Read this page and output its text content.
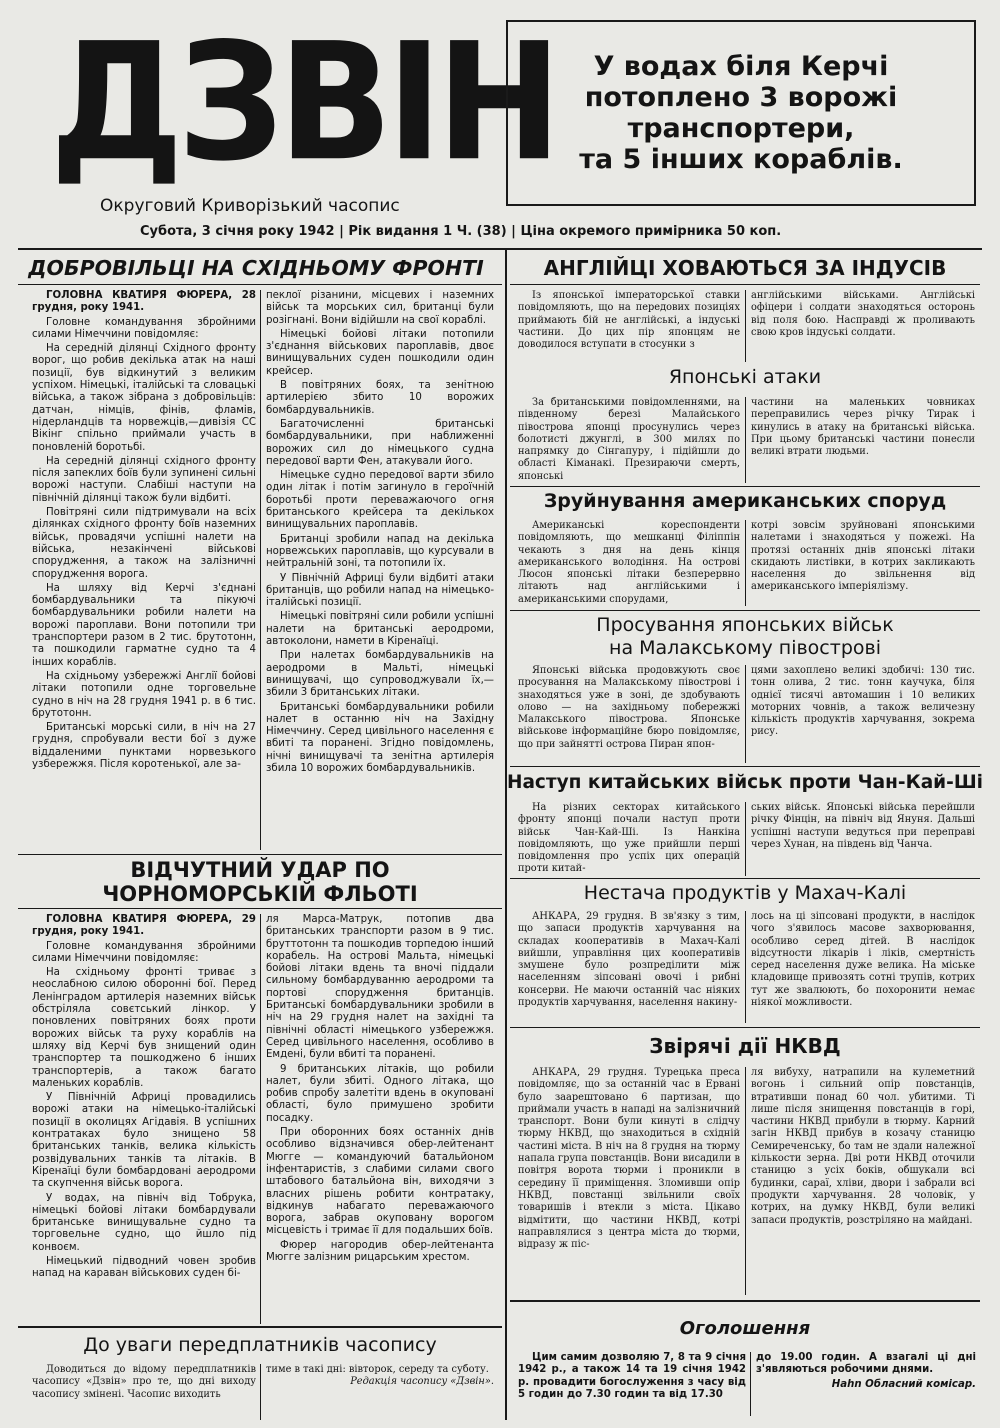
ДЗВІН
Округовий Криворізький часопис
У водах біля Керчі
потоплено 3 ворожі
транспортери,
та 5 інших кораблів.
Субота, 3 січня року 1942 | Рік видання 1 Ч. (38) | Ціна окремого примірника 50 коп.
ДОБРОВІЛЬЦІ НА СХІДНЬОМУ ФРОНТІ

ГОЛОВНА КВАТИРЯ ФЮРЕРА, 28 грудня, року 1941.

Головне командування збройними силами Німеччини повідомляє:

На середній ділянці Східного фронту ворог, що робив декілька атак на наші позиції, був відкинутий з великим успіхом. Німецькі, італійські та словацькі війська, а також зібрана з добровільців: датчан, німців, фінів, фламів, нідерландців та норвежців,—дивізія СС Вікінг спільно приймали участь в поновленій боротьбі.

На середній ділянці східного фронту після запеклих боїв були зупинені сильні ворожі наступи. Слабіші наступи на північній ділянці також були відбиті.

Повітряні сили підтримували на всіх ділянках східного фронту боїв наземних військ, провадячи успішні налети на війська, незакінчені військові спорудження, а також на залізничні спорудження ворога.

На шляху від Керчі з'єднані бомбардувальники та пікуючі бомбардувальники робили налети на ворожі пароплави. Вони потопили три транспортери разом в 2 тис. брутотонн, та пошкодили гарматне судно та 4 інших кораблів.

На східньому узбережжі Англії бойові літаки потопили одне торговельне судно в ніч на 28 грудня 1941 р. в 6 тис. брутотонн.

Британські морські сили, в ніч на 27 грудня, спробували вести бої з дуже віддаленими пунктами норвезького узбережжя. Після коротенької, але за-

пеклої різанини, місцевих і наземних військ та морських сил, британці були розігнані. Вони відійшли на свої кораблі.

Німецькі бойові літаки потопили з'єднання військових пароплавів, двоє винищувальних суден пошкодили один крейсер.

В повітряних боях, та зенітною артилерією збито 10 ворожих бомбардувальників.

Багаточисленні британські бомбардувальники, при наближенні ворожих сил до німецького судна передової варти Фен, атакували його.

Німецьке судно передової варти збило один літак і потім загинуло в героїчній боротьбі проти переважаючого огня британського крейсера та декількох винищувальних пароплавів.

Британці зробили напад на декілька норвежських пароплавів, що курсували в нейтральній зоні, та потопили їх.

У Північній Африці були відбиті атаки британців, що робили напад на німецько-італійські позиції.

Німецькі повітряні сили робили успішні налети на британські аеродроми, автоколони, намети в Кіренаїці.

При налетах бомбардувальників на аеродроми в Мальті, німецькі винищувачі, що супроводжували їх,—збили 3 британських літаки.

Британські бомбардувальники робили налет в останню ніч на Західну Німеччину. Серед цивільного населення є вбиті та поранені. Згідно повідомлень, нічні винищувачі та зенітна артилерія збила 10 ворожих бомбардувальників.

ВІДЧУТНИЙ УДАР ПО ЧОРНОМОРСЬКІЙ ФЛЬОТІ

ГОЛОВНА КВАТИРЯ ФЮРЕРА, 29 грудня, року 1941.

Головне командування збройними силами Німеччини повідомляє:

На східньому фронті триває з неослабною силою оборонні бої. Перед Ленінградом артилерія наземних військ обстріляла совєтський лінкор. У поновлених повітряних боях проти ворожих військ та руху кораблів на шляху від Керчі був знищений один транспортер та пошкоджено 6 інших транспортерів, а також багато маленьких кораблів.

У Північній Африці провадились ворожі атаки на німецько-італійські позиції в околицях Агідавія. В успішних контратаках було знищено 58 британських танків, велика кількість розвідувальних танків та літаків. В Кіренаїці були бомбардовані аеродроми та скупчення військ ворога.

У водах, на північ від Тобрука, німецькі бойові літаки бомбардували британське винищувальне судно та торговельне судно, що йшло під конвоєм.

Німецький підводний човен зробив напад на караван військових суден бі-

ля Марса-Матрук, потопив два британських транспорти разом в 9 тис. бруттотонн та пошкодив торпедою інший корабель. На острові Мальта, німецькі бойові літаки вдень та вночі піддали сильному бомбардуванню аеродроми та портові спорудження британців. Британські бомбардувальники зробили в ніч на 29 грудня налет на західні та північні області німецького узбережжя. Серед цивільного населення, особливо в Емдені, були вбиті та поранені.

9 британських літаків, що робили налет, були збиті. Одного літака, що робив спробу залетіти вдень в окуповані області, було примушено зробити посадку.

При оборонних боях останніх днів особливо відзначився обер-лейтенант Мюгге — командуючий батальйоном інфентаристів, з слабими силами свого штабового батальйона він, виходячи з власних рішень робити контратаку, відкинув набагато переважаючого ворога, забрав окуповану ворогом місцевість і тримає її для подальших боїв.

Фюрер нагородив обер-лейтенанта Мюгге залізним рицарським хрестом.

До уваги передплатників часопису

Доводиться до відому передплатників часопису «Дзвін» про те, що дні виходу часопису змінені. Часопис виходить

тиме в такі дні: вівторок, середу та суботу.

Редакція часопису «Дзвін».

АНГЛІЙЦІ ХОВАЮТЬСЯ ЗА ІНДУСІВ

Із японської імператорської ставки повідомляють, що на передових позиціях приймають бій не англійські, а індуські частини. До цих пір японцям не доводилося вступати в стосунки з

англійськими військами. Англійські офіцери і солдати знаходяться осторонь від поля бою. Насправді ж проливають свою кров індуські солдати.

Японські атаки

За британськими повідомленнями, на південному березі Малайського півострова японці просунулись через болотисті джунглі, в 300 милях по напрямку до Сінгапуру, і підійшли до області Кіманакі. Презираючи смерть, японські

частини на маленьких човниках переправились через річку Тирак і кинулись в атаку на британські війська. При цьому британські частини понесли великі втрати людьми.

Зруйнування американських споруд

Американські кореспонденти повідомляють, що мешканці Філіппін чекають з дня на день кінця американського володіння. На острові Люсон японські літаки безперервно літають над англійськими і американськими спорудами,

котрі зовсім зруйновані японськими налетами і знаходяться у пожежі. На протязі останніх днів японські літаки скидають листівки, в котрих закликають населення до звільнення від американського імперіялізму.

Просування японських військ
на Малакському півострові

Японські війська продовжують своє просування на Малакському півострові і знаходяться уже в зоні, де здобувають олово — на західньому побережжі Малакського півострова. Японське військове інформаційне бюро повідомляє, що при зайнятті острова Пиран япон-

цями захоплено великі здобичі: 130 тис. тонн олива, 2 тис. тонн каучука, біля однієї тисячі автомашин і 10 великих моторних човнів, а також величезну кількість продуктів харчування, зокрема рису.

Наступ китайських військ проти Чан-Кай-Ші

На різних секторах китайського фронту японці почали наступ проти військ Чан-Кай-Ші. Із Нанкіна повідомляють, що уже прийшли перші повідомлення про успіх цих операцій проти китай-

ських військ. Японські війська перейшли річку Фінцін, на північ від Януня. Дальші успішні наступи ведуться при переправі через Хунан, на південь від Чанча.

Нестача продуктів у Махач-Калі

АНКАРА, 29 грудня. В зв'язку з тим, що запаси продуктів харчування на складах кооперативів в Махач-Калі вийшли, управління цих кооперативів змушене було розпреділити між населенням зіпсовані овочі і рибні консерви. Не маючи останній час ніяких продуктів харчування, населення накину-

лось на ці зіпсовані продукти, в наслідок чого з'явилось масове захворювання, особливо серед дітей. В наслідок відсутности лікарів і ліків, смертність серед населення дуже велика. На міське кладовище привозять сотні трупів, котрих тут же звалюють, бо похоронити немає ніякої можливости.

Звірячі дії НКВД

АНКАРА, 29 грудня. Турецька преса повідомляє, що за останній час в Ервані було заарештовано 6 партизан, що приймали участь в нападі на залізничний транспорт. Вони були кинуті в слідчу тюрму НКВД, що знаходиться в східній частині міста. В ніч на 8 грудня на тюрму напала група повстанців. Вони висадили в повітря ворота тюрми і проникли в середину її приміщення. Зломивши опір НКВД, повстанці звільнили своїх товаришів і втекли з міста. Цікаво відмітити, що частини НКВД, котрі направлялися з центра міста до тюрми, відразу ж піс-

ля вибуху, натрапили на кулеметний вогонь і сильний опір повстанців, втративши понад 60 чол. убитими. Ті лише після знищення повстанців в горі, частини НКВД прибули в тюрму. Карний загін НКВД прибув в козачу станицю Семиреченську, бо там не здали належної кількости зерна. Дві роти НКВД оточили станицю з усіх боків, обшукали всі будинки, сараї, хліви, двори і забрали всі продукти харчування. 28 чоловік, у котрих, на думку НКВД, були великі запаси продуктів, розстріляно на майдані.

Оголошення

Цим самим дозволяю 7, 8 та 9 січня 1942 р., а також 14 та 19 січня 1942 р. провадити богослуження з часу від 5 годин до 7.30 годин та від 17.30

до 19.00 годин. А взагалі ці дні з'являються робочими днями.

Hahn Обласний комісар.
